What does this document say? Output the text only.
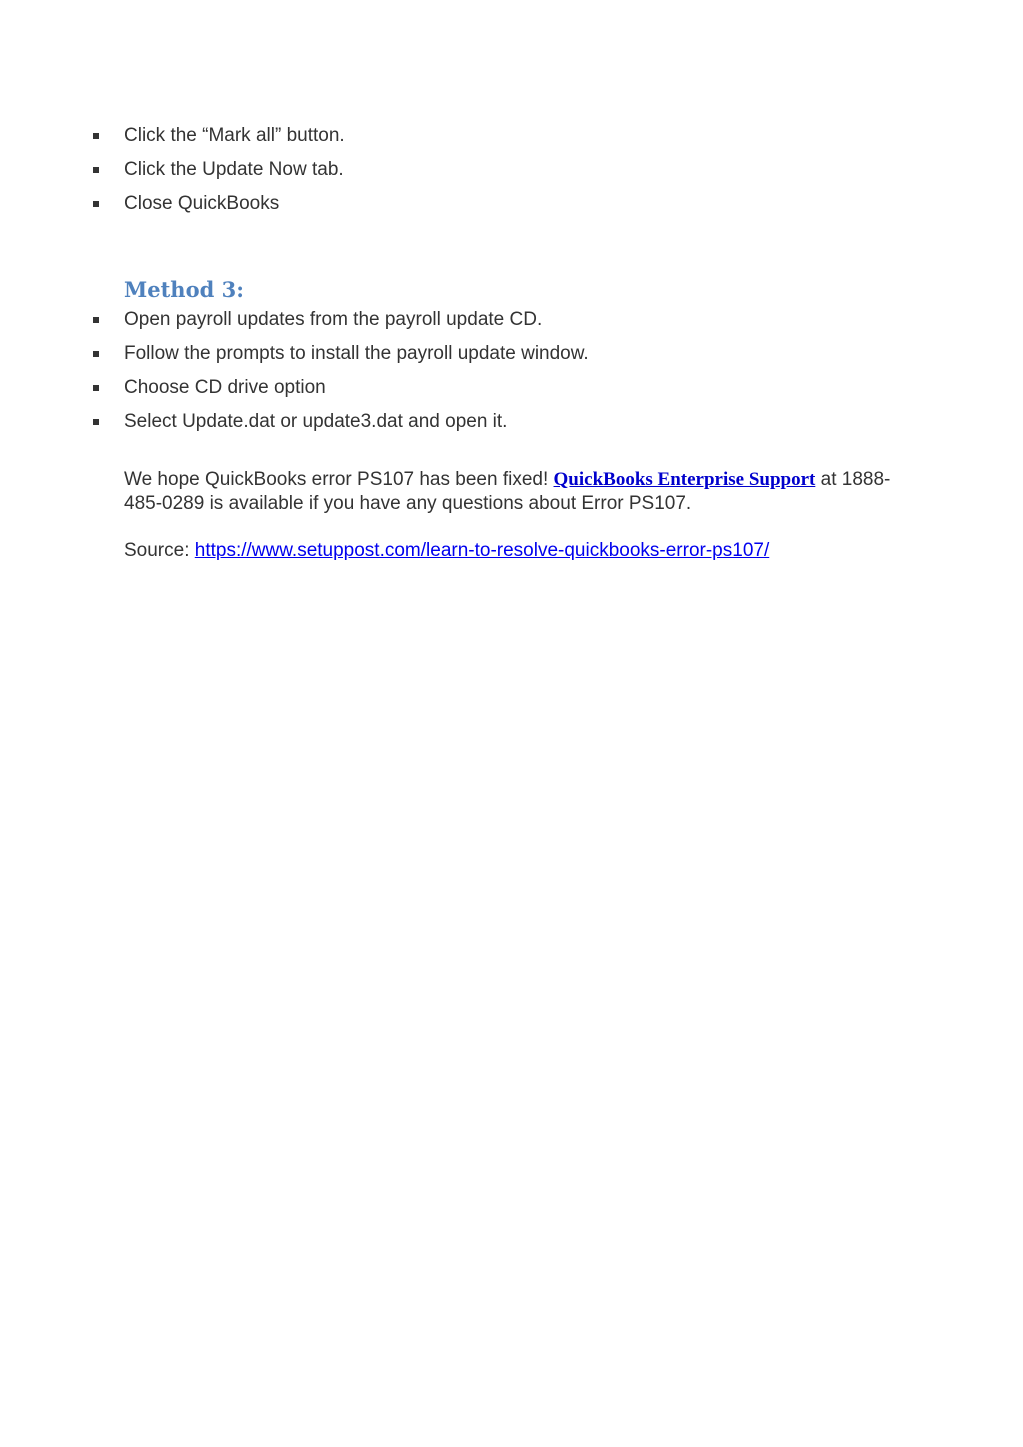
Click the “Mark all” button.
Click the Update Now tab.
Close QuickBooks
Method 3:
Open payroll updates from the payroll update CD.
Follow the prompts to install the payroll update window.
Choose CD drive option
Select Update.dat or update3.dat and open it.

We hope QuickBooks error PS107 has been fixed! QuickBooks Enterprise Support at 1888-485-0289 is available if you have any questions about Error PS107.

Source: https://www.setuppost.com/learn-to-resolve-quickbooks-error-ps107/
